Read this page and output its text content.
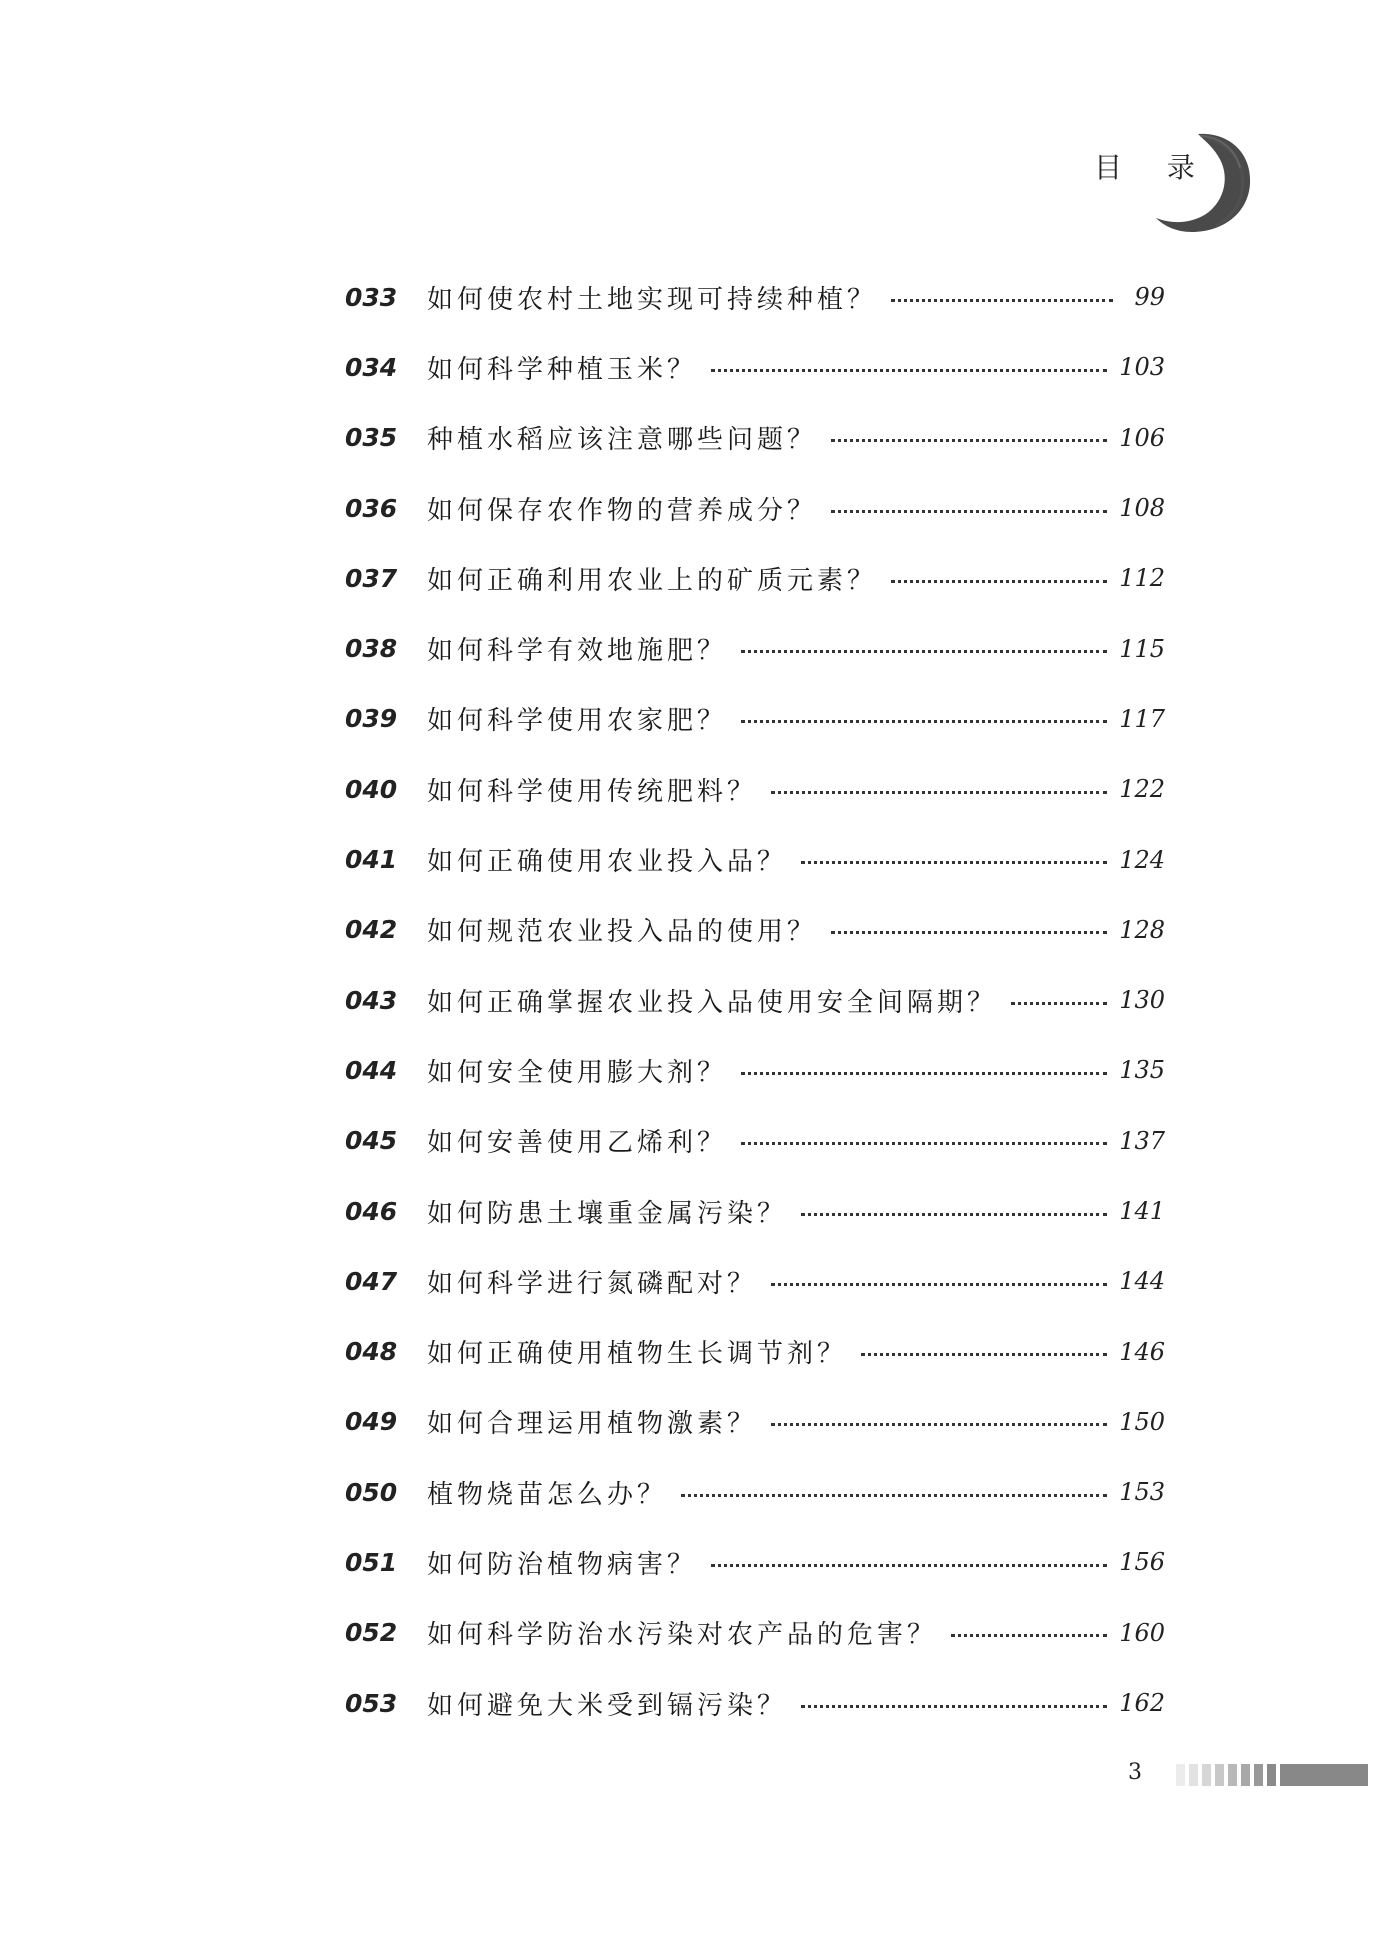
目 录
033	如何使农村土地实现可持续种植？	99
034	如何科学种植玉米？	103
035	种植水稻应该注意哪些问题？	106
036	如何保存农作物的营养成分？	108
037	如何正确利用农业上的矿质元素？	112
038	如何科学有效地施肥？	115
039	如何科学使用农家肥？	117
040	如何科学使用传统肥料？	122
041	如何正确使用农业投入品？	124
042	如何规范农业投入品的使用？	128
043	如何正确掌握农业投入品使用安全间隔期？	130
044	如何安全使用膨大剂？	135
045	如何安善使用乙烯利？	137
046	如何防患土壤重金属污染？	141
047	如何科学进行氮磷配对？	144
048	如何正确使用植物生长调节剂？	146
049	如何合理运用植物激素？	150
050	植物烧苗怎么办？	153
051	如何防治植物病害？	156
052	如何科学防治水污染对农产品的危害？	160
053	如何避免大米受到镉污染？	162
3
